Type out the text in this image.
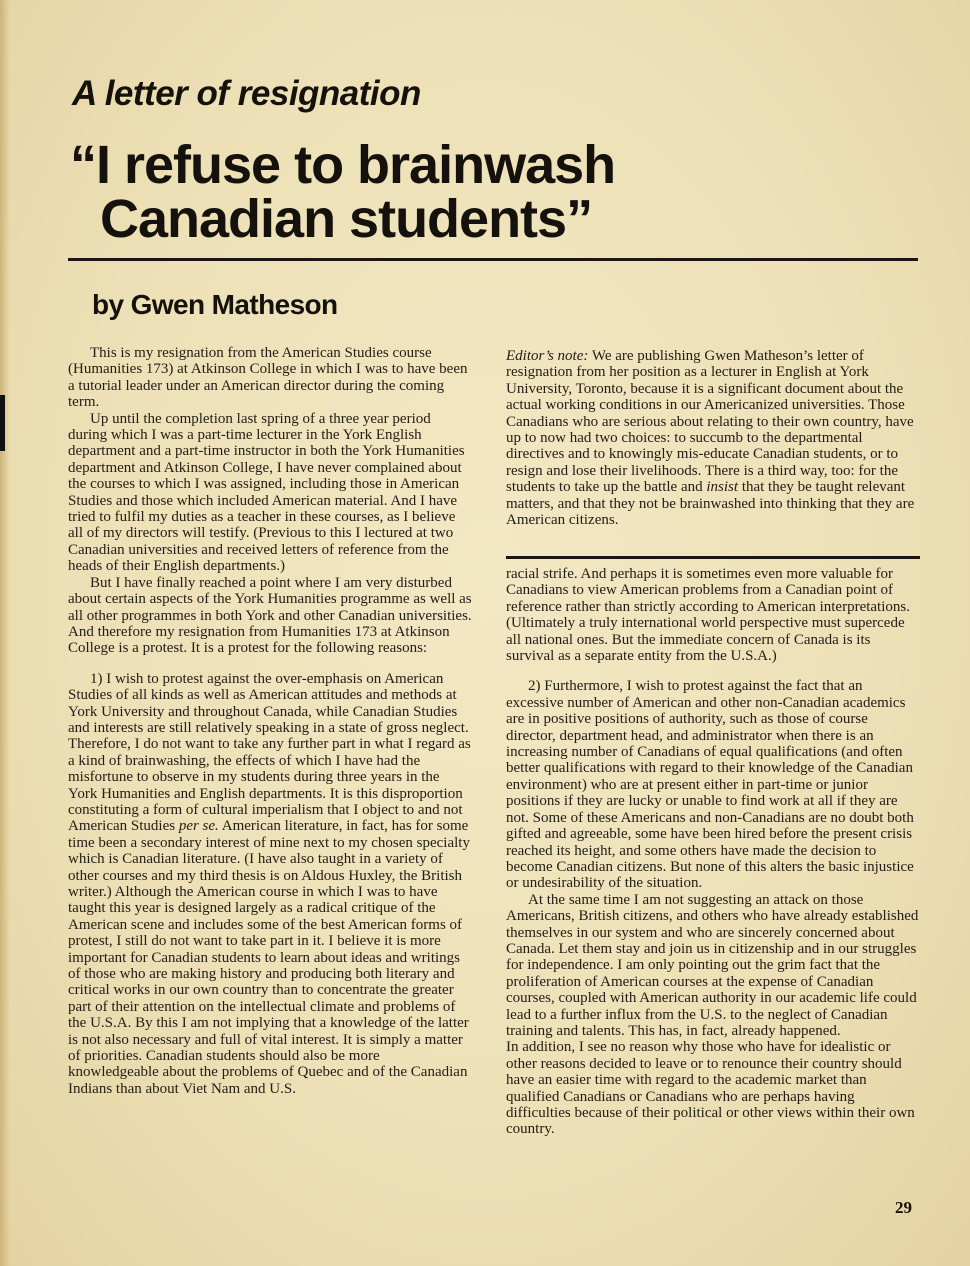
A letter of resignation
“I refuse to brainwash
Canadian students”
by Gwen Matheson

This is my resignation from the American Studies course (Humanities 173) at Atkinson College in which I was to have been a tutorial leader under an American director during the coming term.

Up until the completion last spring of a three year period during which I was a part-time lecturer in the York English department and a part-time instructor in both the York Humanities department and Atkinson College, I have never complained about the courses to which I was assigned, including those in American Studies and those which included American material. And I have tried to fulfil my duties as a teacher in these courses, as I believe all of my directors will testify. (Previous to this I lectured at two Canadian universities and received letters of reference from the heads of their English departments.)

But I have finally reached a point where I am very disturbed about certain aspects of the York Humanities programme as well as all other programmes in both York and other Canadian universities. And therefore my resignation from Humanities 173 at Atkinson College is a protest. It is a protest for the following reasons:

1) I wish to protest against the over-emphasis on American Studies of all kinds as well as American attitudes and methods at York University and throughout Canada, while Canadian Studies and interests are still relatively speaking in a state of gross neglect. Therefore, I do not want to take any further part in what I regard as a kind of brainwashing, the effects of which I have had the misfortune to observe in my students during three years in the York Humanities and English departments. It is this disproportion constituting a form of cultural imperialism that I object to and not American Studies per se. American literature, in fact, has for some time been a secondary interest of mine next to my chosen specialty which is Canadian literature. (I have also taught in a variety of other courses and my third thesis is on Aldous Huxley, the British writer.) Although the American course in which I was to have taught this year is designed largely as a radical critique of the American scene and includes some of the best American forms of protest, I still do not want to take part in it. I believe it is more important for Canadian students to learn about ideas and writings of those who are making history and producing both literary and critical works in our own country than to concentrate the greater part of their attention on the intellectual climate and problems of the U.S.A. By this I am not implying that a knowledge of the latter is not also necessary and full of vital interest. It is simply a matter of priorities. Canadian students should also be more knowledgeable about the problems of Quebec and of the Canadian Indians than about Viet Nam and U.S.

Editor’s note: We are publishing Gwen Matheson’s letter of resignation from her position as a lecturer in English at York University, Toronto, because it is a significant document about the actual working conditions in our Americanized universities. Those Canadians who are serious about relating to their own country, have up to now had two choices: to succumb to the departmental directives and to knowingly mis-educate Canadian students, or to resign and lose their livelihoods. There is a third way, too: for the students to take up the battle and insist that they be taught relevant matters, and that they not be brainwashed into thinking that they are American citizens.

racial strife. And perhaps it is sometimes even more valuable for Canadians to view American problems from a Canadian point of reference rather than strictly according to American interpretations. (Ultimately a truly international world perspective must supercede all national ones. But the immediate concern of Canada is its survival as a separate entity from the U.S.A.)

2) Furthermore, I wish to protest against the fact that an excessive number of American and other non-Canadian academics are in positive positions of authority, such as those of course director, department head, and administrator when there is an increasing number of Canadians of equal qualifications (and often better qualifications with regard to their knowledge of the Canadian environment) who are at present either in part-time or junior positions if they are lucky or unable to find work at all if they are not. Some of these Americans and non-Canadians are no doubt both gifted and agreeable, some have been hired before the present crisis reached its height, and some others have made the decision to become Canadian citizens. But none of this alters the basic injustice or undesirability of the situation.

At the same time I am not suggesting an attack on those Americans, British citizens, and others who have already established themselves in our system and who are sincerely concerned about Canada. Let them stay and join us in citizenship and in our struggles for independence. I am only pointing out the grim fact that the proliferation of American courses at the expense of Canadian courses, coupled with American authority in our academic life could lead to a further influx from the U.S. to the neglect of Canadian training and talents. This has, in fact, already happened.

In addition, I see no reason why those who have for idealistic or other reasons decided to leave or to renounce their country should have an easier time with regard to the academic market than qualified Canadians or Canadians who are perhaps having difficulties because of their political or other views within their own country.

29
